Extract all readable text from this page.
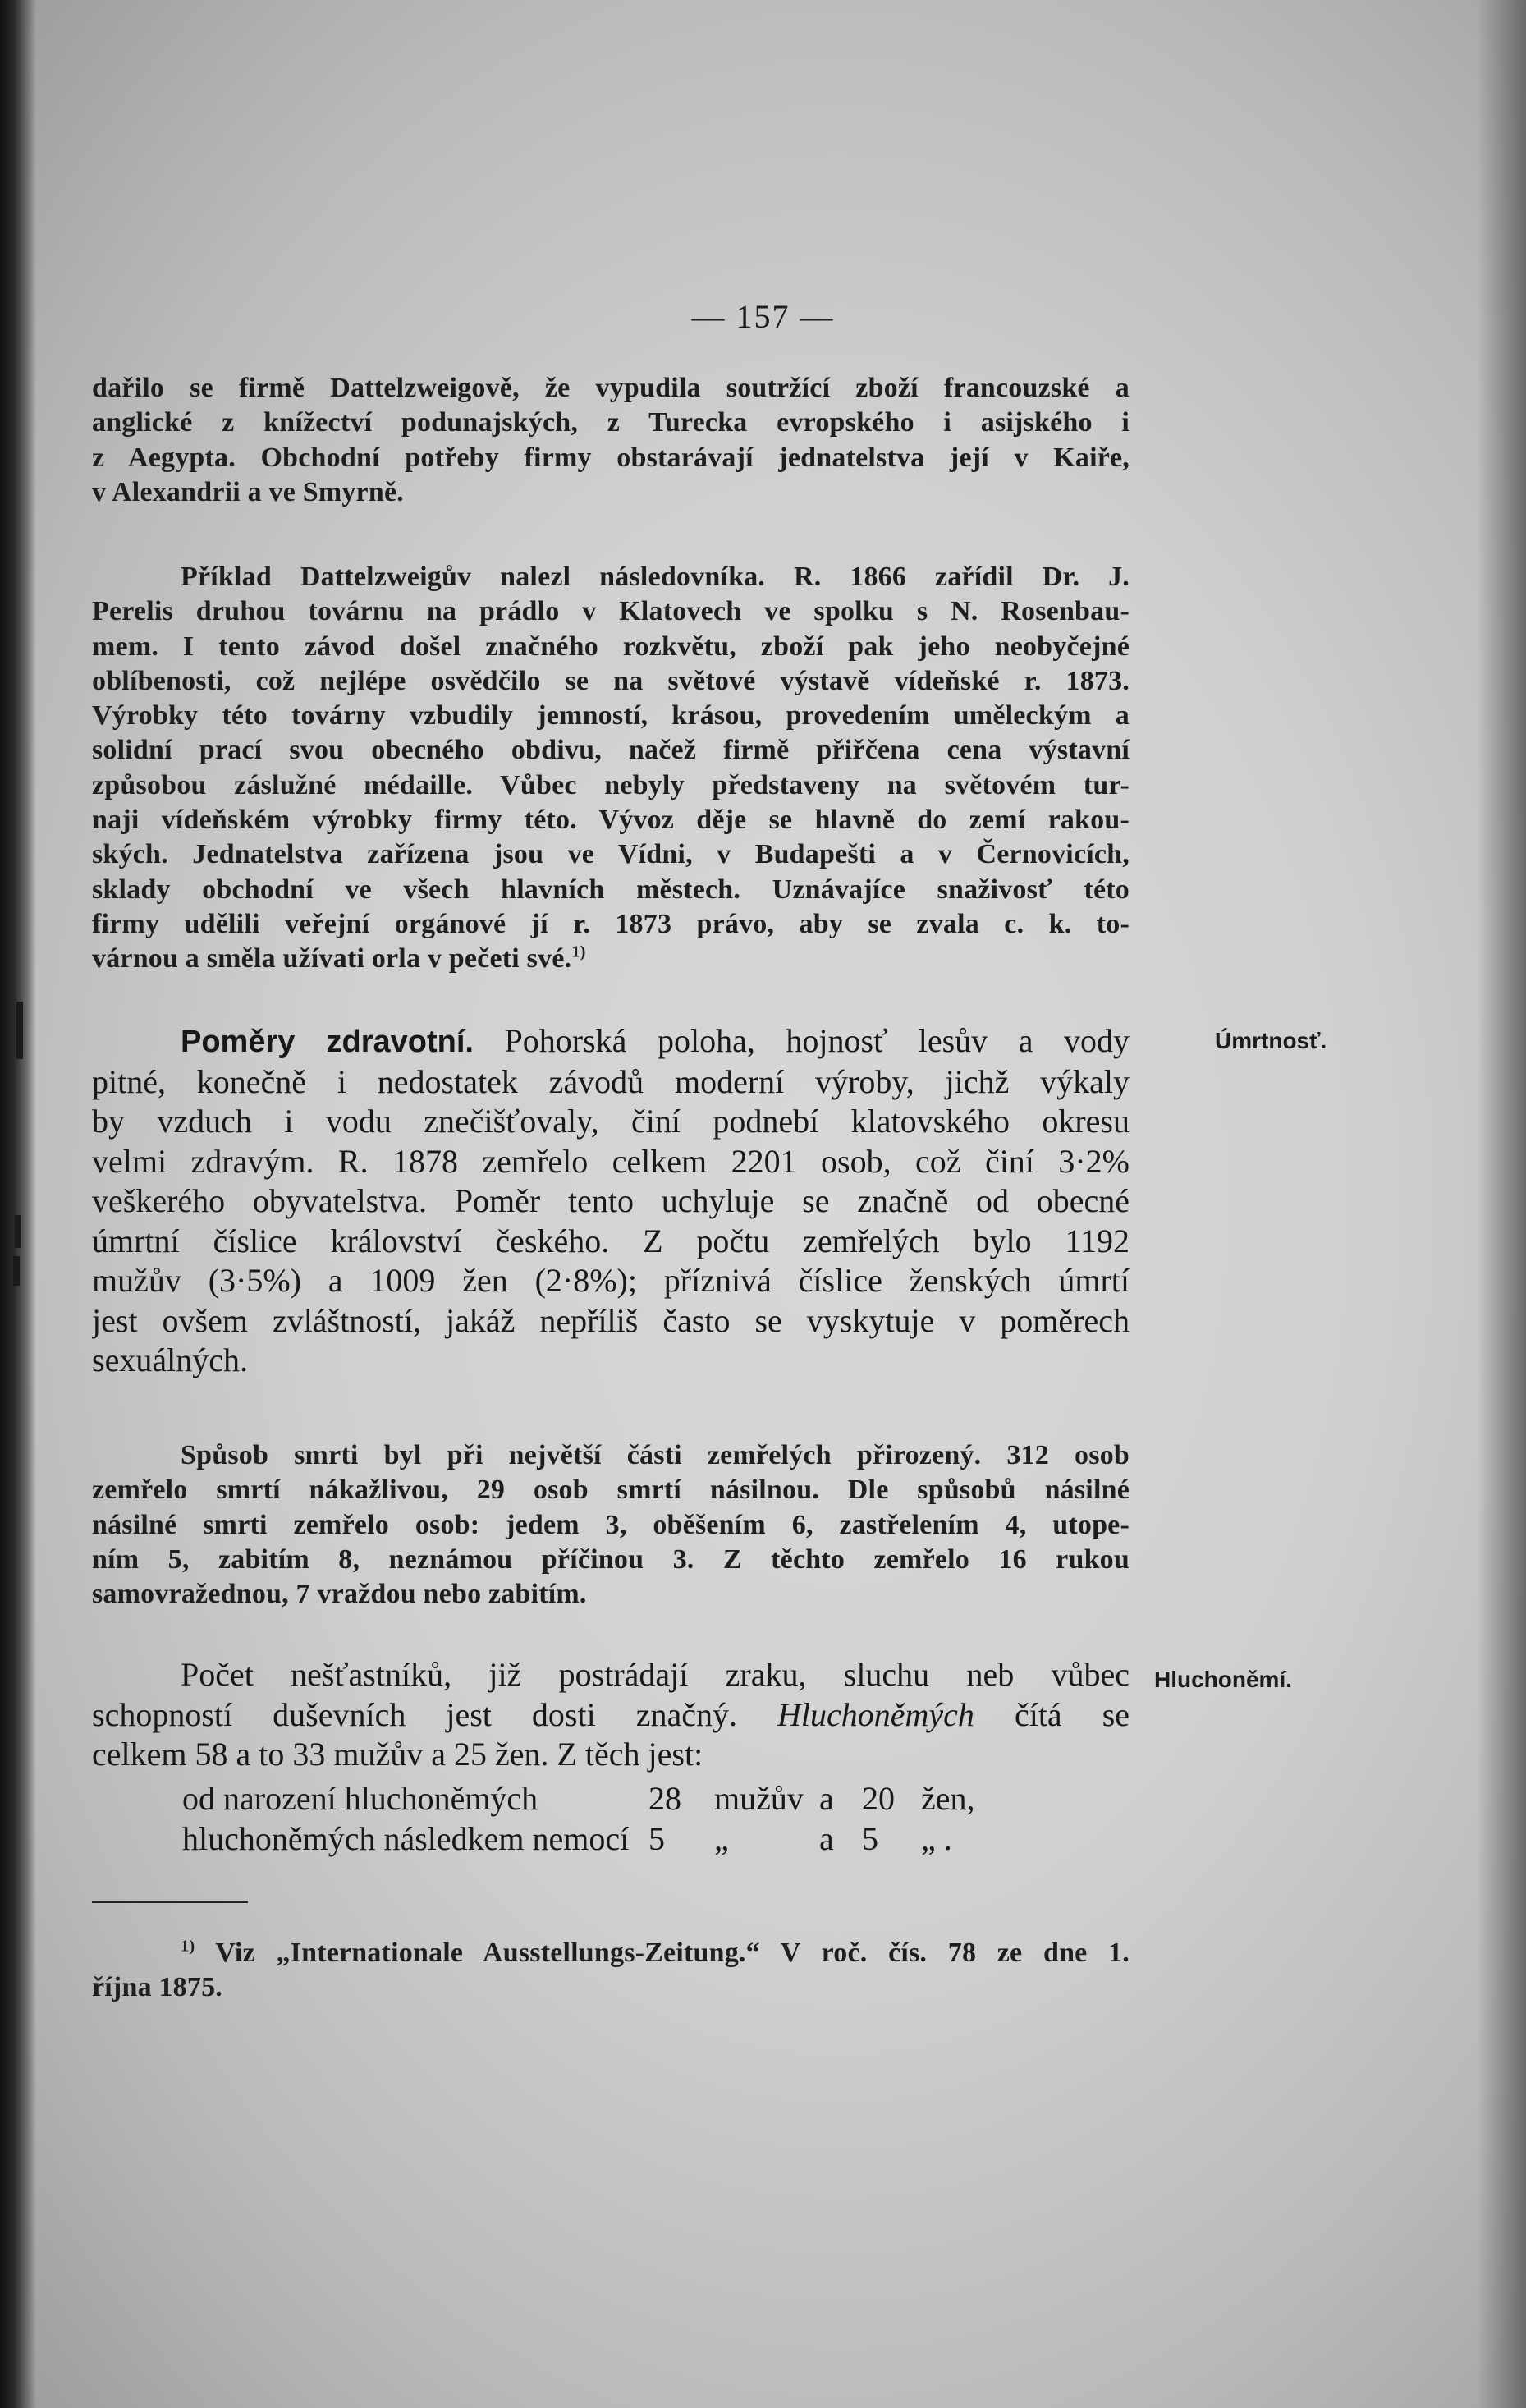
— 157 —
dařilo se firmě Dattelzweigově, že vypudila soutržící zboží francouzské a
anglické z knížectví podunajských, z Turecka evropského i asijského i
z Aegypta. Obchodní potřeby firmy obstarávají jednatelstva její v Kaiře,
v Alexandrii a ve Smyrně.
Příklad Dattelzweigův nalezl následovníka. R. 1866 zařídil Dr. J.
Perelis druhou továrnu na prádlo v Klatovech ve spolku s N. Rosenbau-
mem. I tento závod došel značného rozkvětu, zboží pak jeho neobyčejné
oblíbenosti, což nejlépe osvědčilo se na světové výstavě vídeňské r. 1873.
Výrobky této továrny vzbudily jemností, krásou, provedením uměleckým a
solidní prací svou obecného obdivu, načež firmě přiřčena cena výstavní
způsobou záslužné médaille. Vůbec nebyly představeny na světovém tur-
naji vídeňském výrobky firmy této. Vývoz děje se hlavně do zemí rakou-
ských. Jednatelstva zařízena jsou ve Vídni, v Budapešti a v Černovicích,
sklady obchodní ve všech hlavních městech. Uznávajíce snaživosť této
firmy udělili veřejní orgánové jí r. 1873 právo, aby se zvala c. k. to-
várnou a směla užívati orla v pečeti své.$^{1)}$
Úmrtnosť.
Poměry zdravotní. Pohorská poloha, hojnosť lesův a vody
pitné, konečně i nedostatek závodů moderní výroby, jichž výkaly
by vzduch i vodu znečišťovaly, činí podnebí klatovského okresu
velmi zdravým. R. 1878 zemřelo celkem 2201 osob, což činí 3·2%
veškerého obyvatelstva. Poměr tento uchyluje se značně od obecné
úmrtní číslice království českého. Z počtu zemřelých bylo 1192
mužův (3·5%) a 1009 žen (2·8%); příznivá číslice ženských úmrtí
jest ovšem zvláštností, jakáž nepříliš často se vyskytuje v poměrech
sexuálných.
Spůsob smrti byl při největší části zemřelých přirozený. 312 osob
zemřelo smrtí nákažlivou, 29 osob smrtí násilnou. Dle spůsobů násilné
násilné smrti zemřelo osob: jedem 3, oběšením 6, zastřelením 4, utope-
ním 5, zabitím 8, neznámou příčinou 3. Z těchto zemřelo 16 rukou
samovražednou, 7 vraždou nebo zabitím.
Hluchoněmí.
Počet nešťastníků, již postrádají zraku, sluchu neb vůbec
schopností duševních jest dosti značný. Hluchoněmých čítá se
celkem 58 a to 33 mužův a 25 žen. Z těch jest:
od narození hluchoněmých	28	mužův a 20 žen,
hluchoněmých následkem nemocí 5	„	a 5	„ .
$^{1)}$ Viz „Internationale Ausstellungs-Zeitung.“ V roč. čís. 78 ze dne 1.
října 1875.
